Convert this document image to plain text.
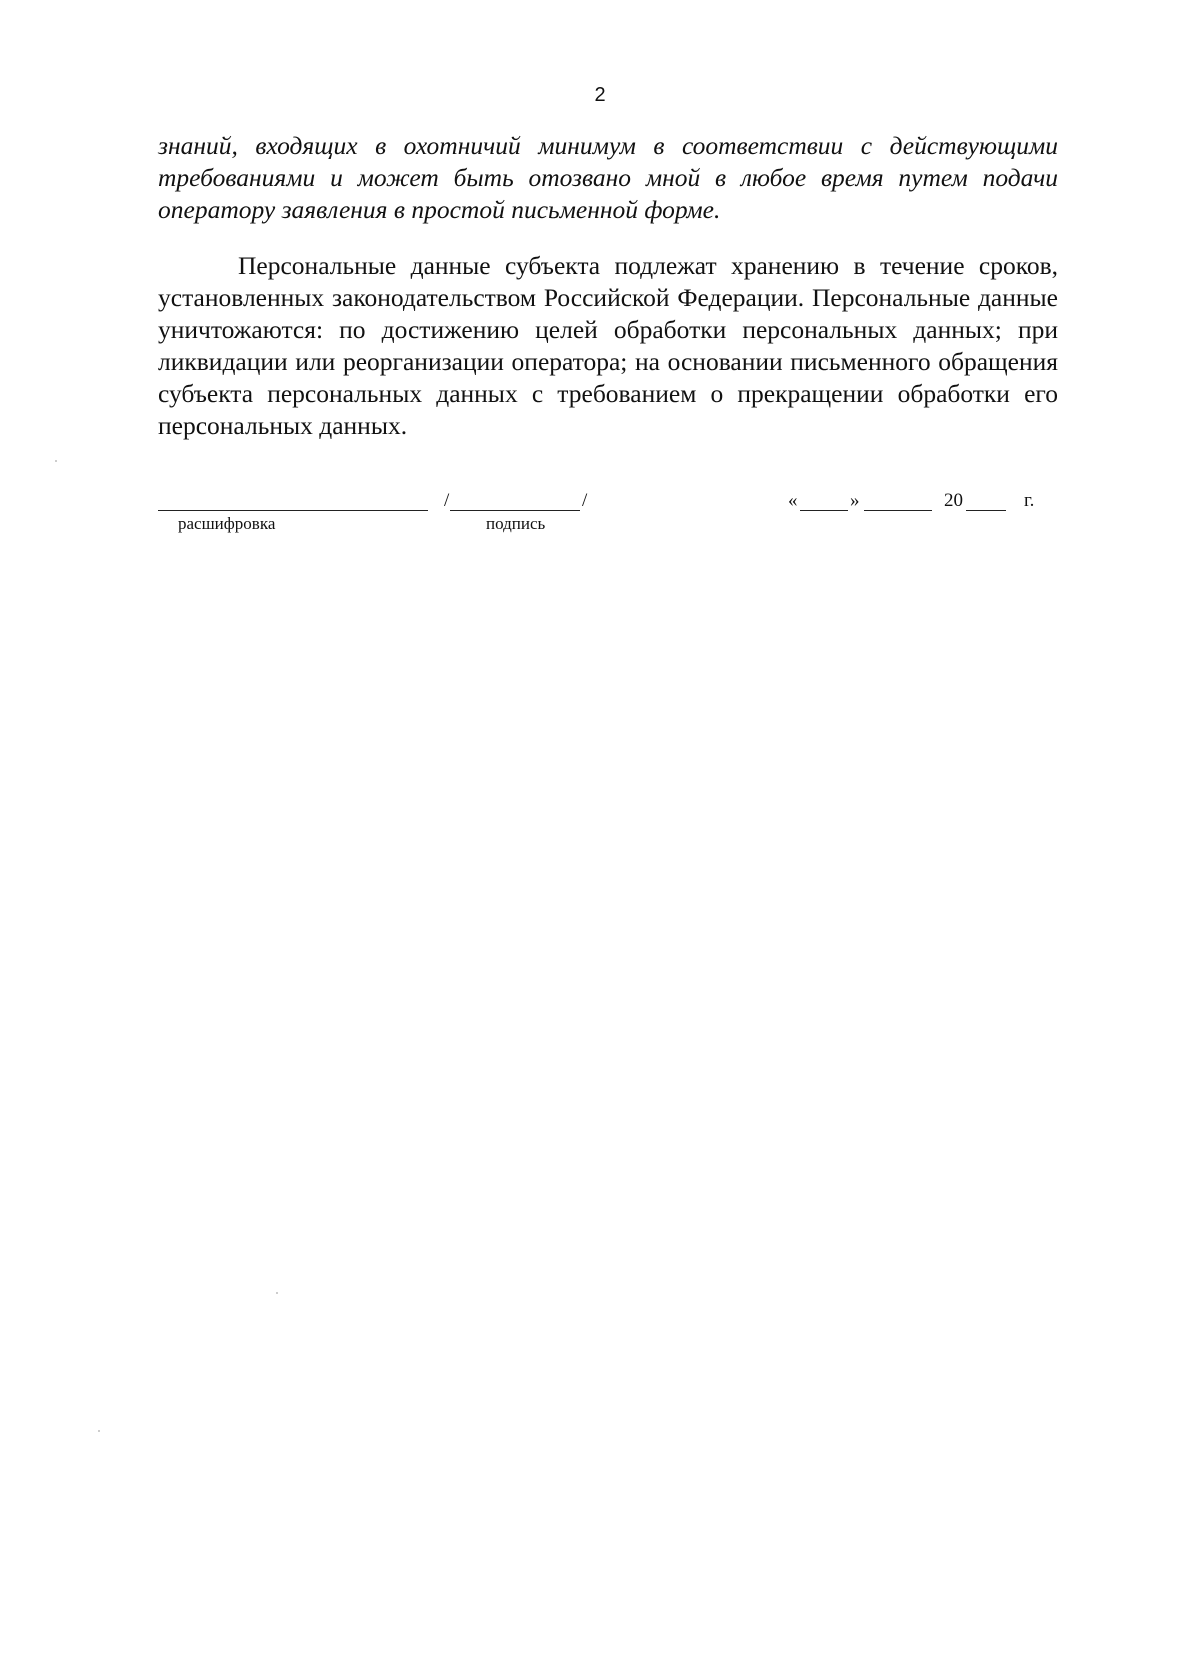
2

знаний, входящих в охотничий минимум в соответствии с действующими требованиями и может быть отозвано мной в любое время путем подачи оператору заявления в простой письменной форме.

Персональные данные субъекта подлежат хранению в течение сроков, установленных законодательством Российской Федерации. Персональные данные уничтожаются: по достижению целей обработки персональных данных; при ликвидации или реорганизации оператора; на основании письменного обращения субъекта персональных данных с требованием о прекращении обработки его персональных данных.

/	/
расшифровка	подпись
«	»	20	г.
